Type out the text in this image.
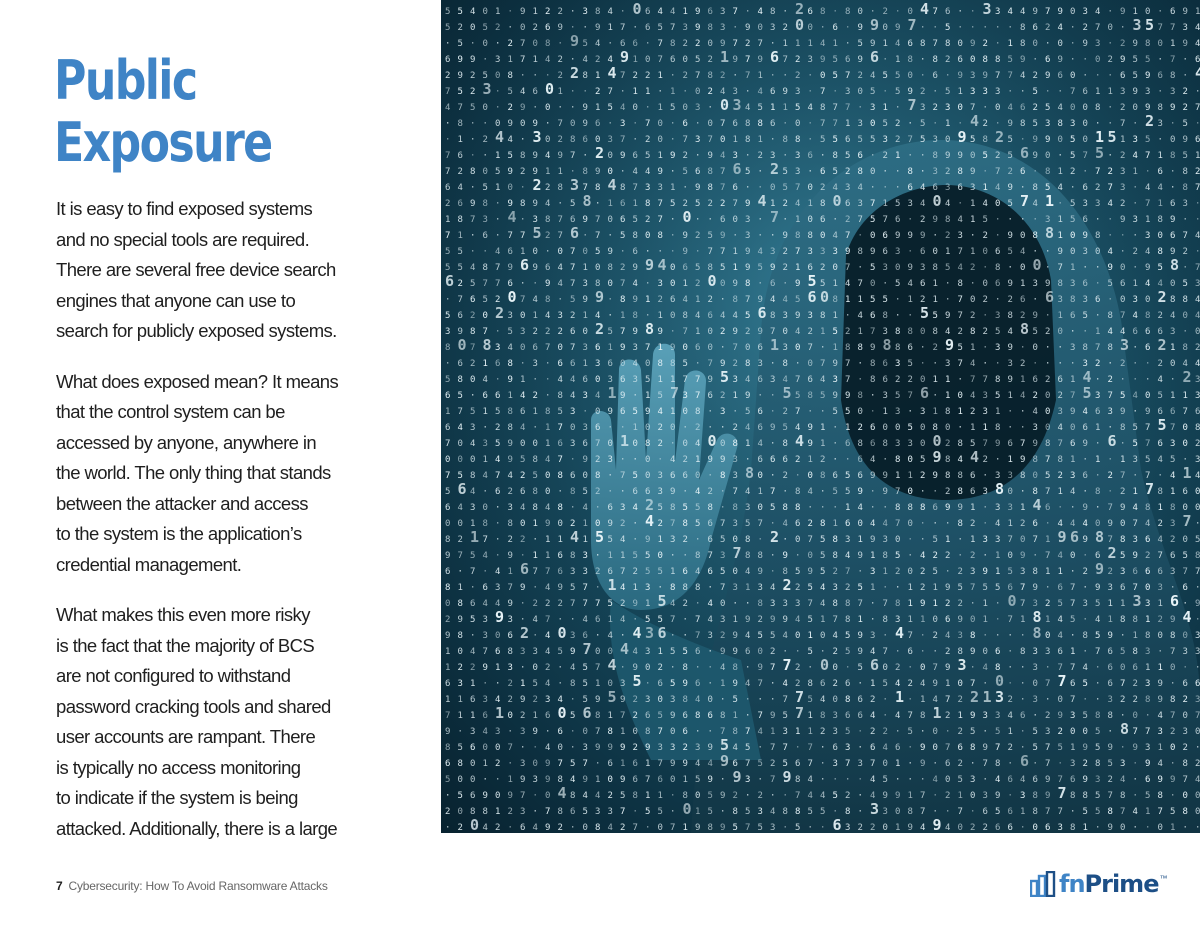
Public
Exposure

It is easy to find exposed systems
and no special tools are required.
There are several free device search
engines that anyone can use to
search for publicly exposed systems.

What does exposed mean? It means
that the control system can be
accessed by anyone, anywhere in
the world. The only thing that stands
between the attacker and access
to the system is the application’s
credential management.

What makes this even more risky
is the fact that the majority of BCS
are not configured to withstand
password cracking tools and shared
user accounts are rampant. There
is typically no access monitoring
to indicate if the system is being
attacked. Additionally, there is a large

5 5 4 0 1 · 9 1 2 2 · 3 8 4 · 0 6 4 4 1 9 6 3 7 · 4 8 · 2 6 8 · 8 0 · 2 · 0 4 7 6 · · 3 3 4 4 9 7 9 0 3 4 · 9 1 0 · 6 9 1
5 2 0 5 2 · 0 2 6 9 · · 9 1 7 · 6 5 7 3 9 8 3 · 9 0 3 2 0 0 · 6 · 9 9 0 9 7 · · 5 · · · · · 8 6 2 4 · 2 7 0 · 3 5 7 7 3 4
· 5 · 0 · 2 7 0 8 · 9 5 4 · 6 6 · 7 8 2 2 0 9 7 2 7 · 1 1 1 4 1 · 5 9 1 4 6 8 7 8 0 9 2 · 1 8 0 · 0 · 9 3 · 2 9 8 0 1 9 4
6 9 9 · 3 1 7 1 4 2 · 4 2 4 9 1 0 7 6 0 5 2 1 9 7 9 6 7 2 3 9 5 6 9 6 · 1 8 · 8 2 6 0 8 8 5 9 · 6 9 · · 0 2 9 5 5 · 7 · 6
2 9 2 5 0 8 · · · 2 2 8 1 4 7 2 2 1 · 2 7 8 2 · 7 1 · · 2 · 0 5 7 2 4 5 5 0 · 6 · 9 3 9 7 7 4 2 9 6 0 · · · 6 5 9 6 8 · 4
7 5 2 3 · 5 4 6 0 1 · · 2 7 · 1 1 · 1 · 0 2 4 3 · 4 6 9 3 · 7 · 3 0 5 · 5 9 2 · 5 1 3 3 3 · · 5 · · 7 6 1 1 3 9 3 · 3 2 ·
4 7 5 0 · 2 9 · 0 · · 9 1 5 4 0 · 1 5 0 3 · 0 3 4 5 1 1 5 4 8 7 7 · 3 1 · 7 3 2 3 0 7 · 0 4 6 2 5 4 0 0 8 · 2 0 9 8 9 2 7
· 8 · · 0 9 0 9 · 7 0 9 6 · 3 · 7 0 · 6 · 0 7 6 8 8 6 · 0 · 7 7 1 3 0 5 2 · 5 · 1 · 4 2 · 9 8 5 3 8 3 0 · · 7 · 2 3 · 5 ·
· 1 · 2 4 4 · 3 0 2 8 6 0 3 7 · 2 0 · 7 3 7 0 1 8 1 · 8 8 · 5 5 6 5 5 3 2 7 5 3 0 9 5 8 2 5 · 9 9 0 5 0 1 5 1 3 5 · 0 9 6
7 6 · · 1 5 8 9 4 9 7 · 2 0 9 6 5 1 9 2 · 9 4 3 · 2 3 · 3 6 · 8 5 6 · 2 1 · · 8 9 9 0 5 2 5 6 9 0 · 5 7 5 · 2 4 7 1 8 5 1
7 2 8 0 5 9 2 9 1 1 · 8 9 0 · 4 4 9 · 5 6 8 7 6 5 · 2 5 3 · 6 5 2 8 0 · · 8 · 3 2 8 9 · 7 2 6 · 8 1 2 · 7 2 3 1 · 6 · 8 2
6 4 · 5 1 0 · 2 2 8 3 7 8 4 8 7 3 3 1 · 9 8 7 6 · · 0 5 7 0 2 4 3 4 · · · 6 4 6 3 6 3 1 4 9 · 8 5 4 · 6 2 7 3 · 4 4 · 8 7
2 6 9 8 · 9 8 9 4 · 5 8 · 1 6 1 8 7 5 2 5 2 2 7 9 4 1 2 4 1 8 0 6 3 7 1 5 3 4 0 4 · 1 4 0 5 7 4 1 · 5 3 3 4 2 · 7 1 6 3 ·
1 8 7 3 · 4 · 3 8 7 6 9 7 0 6 5 2 7 · 0 · · 6 0 3 · 7 · 1 0 6 · 2 7 5 7 6 · 2 9 8 4 1 5 · · · · 3 1 5 6 · · 9 3 1 8 9 · ·
7 1 · 6 · 7 7 5 2 7 6 · 7 · 5 8 0 8 · 9 2 5 9 · 3 · · 9 8 8 0 4 7 · 0 6 9 9 9 · 2 3 · 2 · 9 0 8 8 1 0 9 8 · · · 3 0 6 7 4
5 5 · · 4 6 1 0 · 0 7 0 5 9 · 6 · · · 9 · 7 7 1 9 4 3 2 7 3 3 3 9 8 9 6 3 · 6 0 1 7 1 0 6 5 4 · · 9 0 3 0 4 · 2 4 8 9 2 ·
5 5 4 8 7 9 6 9 6 4 7 1 0 8 2 9 9 4 0 6 5 8 5 1 9 5 9 2 1 6 2 0 7 · 5 3 0 9 3 8 5 4 2 · 8 · 0 0 · 7 1 · · 9 0 · 9 5 8 · 7
6 2 5 7 7 6 · · 9 4 7 3 8 0 7 4 · 3 0 1 2 0 0 9 8 · 6 · 9 5 5 1 4 7 0 · 5 4 6 1 · 8 · 0 6 9 1 3 9 8 3 6 · 5 6 1 4 4 0 5 3
· 7 6 5 2 0 7 4 8 · 5 9 9 · 8 9 1 2 6 4 1 2 · 8 7 9 4 4 5 6 0 8 1 1 5 5 · 1 2 1 · 7 0 2 · 2 6 · 6 3 8 3 6 · 0 3 0 2 8 8 4
5 6 2 0 2 3 0 1 4 3 2 1 4 · 1 8 · 1 0 8 4 6 4 4 5 6 8 3 9 3 8 1 · 4 6 8 · · 5 5 9 7 2 · 3 8 2 9 · 1 6 5 · 8 7 4 8 2 4 0 4
3 9 8 7 · 5 3 2 2 2 6 0 2 5 7 9 8 9 · 7 1 0 2 9 2 9 7 0 4 2 1 5 2 1 7 3 8 8 0 8 4 2 8 2 5 4 8 5 2 0 · · 1 4 4 6 6 6 3 · 0
8 0 7 8 3 4 0 6 7 0 7 3 6 1 9 3 7 1 9 0 6 0 · 7 0 6 1 3 0 7 · 1 8 8 9 8 8 6 · 2 9 5 1 · 3 9 · 0 · · 3 8 7 8 3 · 6 2 1 8 2
· 6 2 1 6 8 · 3 · 6 6 1 3 6 0 4 0 8 8 5 · 7 9 2 8 3 · 8 · 0 7 9 7 · 8 6 3 5 · · 3 7 4 · · 3 2 · · · · 3 2 · 2 · · 2 0 4 4
5 8 0 4 · 9 1 · · 4 4 6 0 3 6 3 5 1 1 7 7 9 5 3 4 6 3 4 7 6 4 3 7 · 8 6 2 2 0 1 1 · 7 7 8 9 1 6 2 6 1 4 · 2 · · · 4 · 2 3
6 5 · 6 6 1 4 2 · 8 4 3 4 1 9 · 1 5 7 3 7 6 2 1 9 · · 5 5 8 5 9 9 8 · 3 5 7 6 · 1 0 4 3 5 1 4 2 0 2 7 5 3 7 5 4 0 5 1 1 3
1 7 5 1 5 8 6 1 8 5 3 · 0 9 6 5 9 4 1 0 8 · 3 · 5 6 · 2 7 · · 5 5 0 · 1 3 · 3 1 8 1 2 3 1 · · 4 0 3 9 4 6 3 9 · 9 6 6 7 6
6 4 3 · 2 8 4 · 1 7 0 3 6 · · 1 0 2 0 · 2 · · 2 4 6 9 5 4 9 1 · 1 2 6 0 0 5 0 8 0 · 1 1 8 · · 3 0 4 0 6 1 · 8 5 7 5 7 0 8
7 0 4 3 5 9 0 0 1 6 3 6 7 0 1 0 8 2 · 0 4 0 0 8 1 4 · 8 4 9 1 · 6 8 6 8 3 3 0 0 2 8 5 7 9 6 7 9 8 7 6 9 · 6 · 5 7 6 3 0 2
0 0 0 1 4 9 5 8 4 7 · 9 2 3 · · 0 · 4 2 1 9 9 3 · 6 6 6 2 1 2 · · 6 4 · 8 0 5 9 8 4 4 2 · 1 9 8 7 8 1 · 1 · 1 3 5 4 5 · 3
7 5 8 4 7 4 2 5 0 8 6 0 8 · 7 5 0 3 6 6 0 · 8 3 8 0 · 2 · 0 8 6 5 6 9 9 1 1 2 9 8 8 6 · 3 3 8 0 5 2 3 6 · 2 7 · 7 · 4 1 4
5 6 4 · 6 2 6 8 0 · 8 5 2 · · 6 6 3 9 · 4 2 · 7 4 1 7 · 8 4 · 5 5 9 · 9 7 0 · · 2 8 6 3 8 0 · 8 7 1 4 · 8 · 2 1 7 8 1 6 0
6 4 3 0 · 3 4 8 4 8 · 4 · 6 3 4 2 5 8 5 5 8 · 8 3 0 5 8 8 · · · 1 4 · · 8 8 8 6 9 9 1 · 3 3 1 4 6 · · 9 · 7 9 4 8 1 8 0 0
0 0 1 8 · 8 0 1 9 0 2 1 0 9 2 · 4 2 7 8 5 6 7 3 5 7 · 4 6 2 8 1 6 0 4 4 7 0 · · · 8 2 · 4 1 2 6 · 4 4 4 0 9 0 7 4 2 3 7 ·
8 2 1 7 · 2 2 · 1 1 4 1 5 5 4 · 9 1 3 2 · 6 5 0 8 · 2 · 0 7 5 8 3 1 9 3 0 · · 5 1 · 1 3 3 7 0 7 1 9 6 9 8 7 8 3 6 4 2 0 5
9 7 5 4 · 9 · 1 1 6 8 3 · 1 1 5 5 0 · · 8 7 3 7 8 8 · 9 · 0 5 8 4 9 1 8 5 · 4 2 2 · 2 · 1 0 9 · 7 4 0 · 6 2 5 9 2 7 6 5 8
6 · 7 · 4 1 6 7 7 6 3 3 2 6 7 2 5 5 1 6 4 6 5 0 4 9 · 8 5 9 5 2 7 · 3 1 2 0 2 5 · 2 3 9 1 5 3 8 1 1 · 2 9 2 3 6 6 6 3 7 7
8 1 · 6 3 7 9 · 4 9 5 7 · 1 4 1 3 · 8 8 8 · 7 3 1 3 4 2 2 5 4 3 2 5 1 · · 1 2 1 9 5 7 5 5 6 7 9 · 6 7 · 9 3 6 7 0 3 · 6 ·
0 8 6 4 4 9 · 2 2 2 7 7 7 5 2 9 1 5 4 2 · 4 0 · · 8 3 3 3 7 4 8 8 7 · 7 8 1 9 1 2 2 · 1 · 0 7 3 2 5 7 3 5 1 1 3 3 1 6 · 9
2 9 5 3 9 3 · 4 7 · · 4 6 1 4 · 5 5 7 · 7 4 3 1 9 2 9 9 4 5 1 7 8 1 · 8 3 1 1 0 6 9 0 1 · 7 1 8 1 4 5 · 4 1 8 8 1 2 9 4 ·
9 8 · 3 0 6 2 · 4 0 3 6 · 4 · 4 3 6 · · 7 3 2 9 4 5 5 4 0 1 0 4 5 9 3 · 4 7 · 2 4 3 8 · · · · 8 0 4 · 8 5 9 · 1 8 0 8 0 3
1 0 4 7 6 8 3 3 4 5 9 7 0 0 4 4 3 1 5 5 6 · 9 9 6 0 2 · · 5 · 2 5 9 4 7 · 6 · · 2 8 9 0 6 · 8 3 3 6 1 · 7 6 5 8 3 · 7 3 3
1 2 2 9 1 3 · 0 2 · 4 5 7 4 · 9 0 2 · 8 · · 4 8 · 9 7 7 2 · 0 0 · 5 6 0 2 · 0 7 9 3 · 4 8 · · 3 · 7 7 4 · 6 0 6 1 1 0 · ·
6 3 1 · · 2 1 5 4 · 8 5 1 0 3 5 · 6 5 9 6 · 1 9 4 7 · 4 2 8 6 2 6 · 1 5 4 2 4 9 1 0 7 · 0 · · 0 7 7 6 5 · 6 7 2 3 9 · 6 6
1 1 6 3 4 2 9 2 3 4 · 5 9 5 9 2 3 0 3 8 4 0 · 5 · · · 7 7 5 4 0 8 6 2 · 1 · 1 4 7 2 2 1 3 2 · 3 · 0 7 · · 3 2 2 8 9 8 2 3
7 1 1 6 1 0 2 1 6 0 5 6 8 1 7 2 6 5 9 6 8 6 8 1 · 7 9 5 7 1 8 3 6 6 4 · 4 7 8 1 2 1 9 3 3 4 6 · 2 9 3 5 8 8 · 0 · 4 7 0 7
9 · 3 4 3 · 3 9 · 6 · 0 7 8 1 0 8 7 0 6 · · 7 8 7 4 1 3 1 1 2 3 5 · 2 2 · 5 · 0 · 2 5 · 5 1 · 5 3 2 0 0 5 · 8 7 7 3 2 3 0
8 5 6 0 0 7 · · 4 0 · 3 9 9 9 2 9 3 3 2 3 9 5 4 5 · 7 7 · 7 · 6 3 · 6 4 6 · 9 0 7 6 8 9 7 2 · 5 7 5 1 9 5 9 · 9 3 1 0 2 ·
6 8 0 1 2 · 3 0 9 7 5 7 · 6 1 6 1 7 9 9 4 4 9 6 7 5 2 5 6 7 · 3 7 3 7 0 1 · 9 · 6 2 · 7 8 · 6 · 7 · 3 2 8 5 3 · 9 4 · 8 2
5 0 0 · · 1 9 3 9 8 4 9 1 0 9 6 7 6 0 1 5 9 · 9 3 · 7 9 8 4 · · · · 4 5 · · · 4 0 5 3 · 4 6 4 6 9 7 6 9 3 2 4 · 6 9 9 7 4
· 5 6 9 0 9 7 · 0 4 8 4 4 2 5 8 1 1 · 8 0 5 9 2 · 2 · · 7 4 4 5 2 · 4 9 9 1 7 · 2 1 0 3 9 · 3 8 9 7 8 8 5 7 8 · 5 8 · 0 0
2 0 8 8 1 2 3 · 7 8 6 5 3 3 7 · 5 5 · 0 1 5 · 8 5 3 4 8 8 5 5 · 8 · 3 3 0 8 7 · · 7 · 6 5 6 1 8 7 7 · 5 5 8 7 4 1 7 5 8 0
· 2 0 4 2 · 6 4 9 2 · 0 8 4 2 7 · 0 7 1 9 8 9 5 7 5 3 · 5 · · 6 3 2 2 0 1 9 4 9 4 0 2 2 6 6 · 0 6 3 8 1 · 9 0 · · 0 1 · ·
7 Cybersecurity: How To Avoid Ransomware Attacks	fnPrime ™
